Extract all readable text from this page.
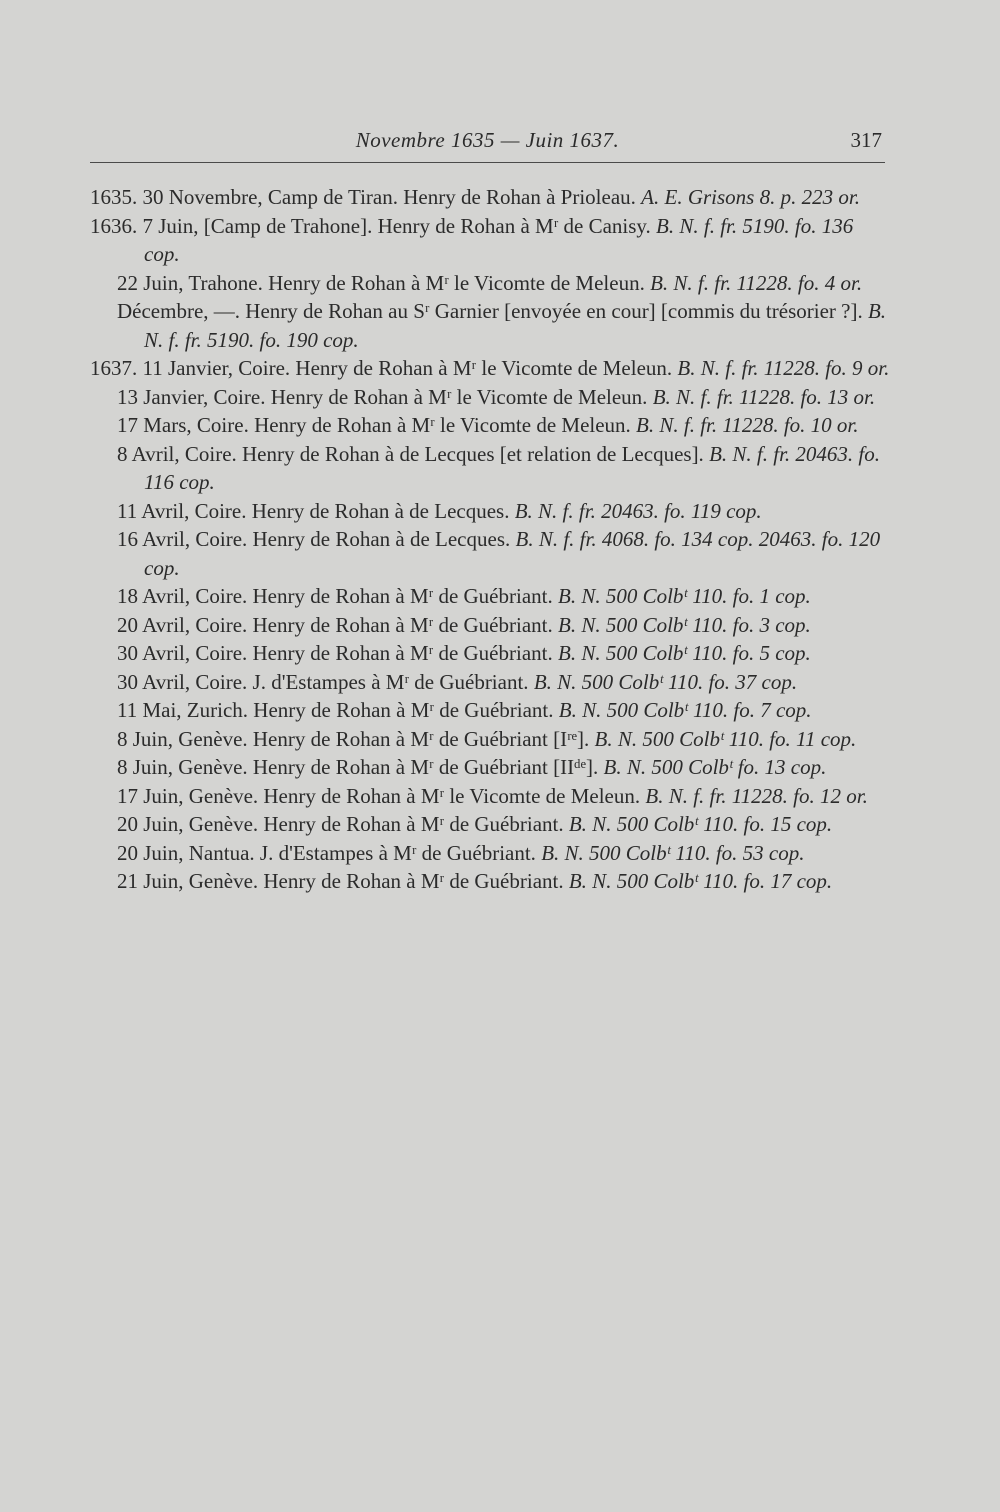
Novembre 1635 — Juin 1637.	317

1635. 30 Novembre, Camp de Tiran. Henry de Rohan à Prioleau. A. E. Grisons 8. p. 223 or.

1636. 7 Juin, [Camp de Trahone]. Henry de Rohan à Mʳ de Canisy. B. N. f. fr. 5190. fo. 136 cop.

22 Juin, Trahone. Henry de Rohan à Mʳ le Vicomte de Meleun. B. N. f. fr. 11228. fo. 4 or.

Décembre, —. Henry de Rohan au Sʳ Garnier [envoyée en cour] [commis du trésorier ?]. B. N. f. fr. 5190. fo. 190 cop.

1637. 11 Janvier, Coire. Henry de Rohan à Mʳ le Vicomte de Meleun. B. N. f. fr. 11228. fo. 9 or.

13 Janvier, Coire. Henry de Rohan à Mʳ le Vicomte de Meleun. B. N. f. fr. 11228. fo. 13 or.

17 Mars, Coire. Henry de Rohan à Mʳ le Vicomte de Meleun. B. N. f. fr. 11228. fo. 10 or.

8 Avril, Coire. Henry de Rohan à de Lecques [et relation de Lecques]. B. N. f. fr. 20463. fo. 116 cop.

11 Avril, Coire. Henry de Rohan à de Lecques. B. N. f. fr. 20463. fo. 119 cop.

16 Avril, Coire. Henry de Rohan à de Lecques. B. N. f. fr. 4068. fo. 134 cop. 20463. fo. 120 cop.

18 Avril, Coire. Henry de Rohan à Mʳ de Guébriant. B. N. 500 Colbᵗ 110. fo. 1 cop.

20 Avril, Coire. Henry de Rohan à Mʳ de Guébriant. B. N. 500 Colbᵗ 110. fo. 3 cop.

30 Avril, Coire. Henry de Rohan à Mʳ de Guébriant. B. N. 500 Colbᵗ 110. fo. 5 cop.

30 Avril, Coire. J. d'Estampes à Mʳ de Guébriant. B. N. 500 Colbᵗ 110. fo. 37 cop.

11 Mai, Zurich. Henry de Rohan à Mʳ de Guébriant. B. N. 500 Colbᵗ 110. fo. 7 cop.

8 Juin, Genève. Henry de Rohan à Mʳ de Guébriant [Iʳᵉ]. B. N. 500 Colbᵗ 110. fo. 11 cop.

8 Juin, Genève. Henry de Rohan à Mʳ de Guébriant [IIᵈᵉ]. B. N. 500 Colbᵗ fo. 13 cop.

17 Juin, Genève. Henry de Rohan à Mʳ le Vicomte de Meleun. B. N. f. fr. 11228. fo. 12 or.

20 Juin, Genève. Henry de Rohan à Mʳ de Guébriant. B. N. 500 Colbᵗ 110. fo. 15 cop.

20 Juin, Nantua. J. d'Estampes à Mʳ de Guébriant. B. N. 500 Colbᵗ 110. fo. 53 cop.

21 Juin, Genève. Henry de Rohan à Mʳ de Guébriant. B. N. 500 Colbᵗ 110. fo. 17 cop.
